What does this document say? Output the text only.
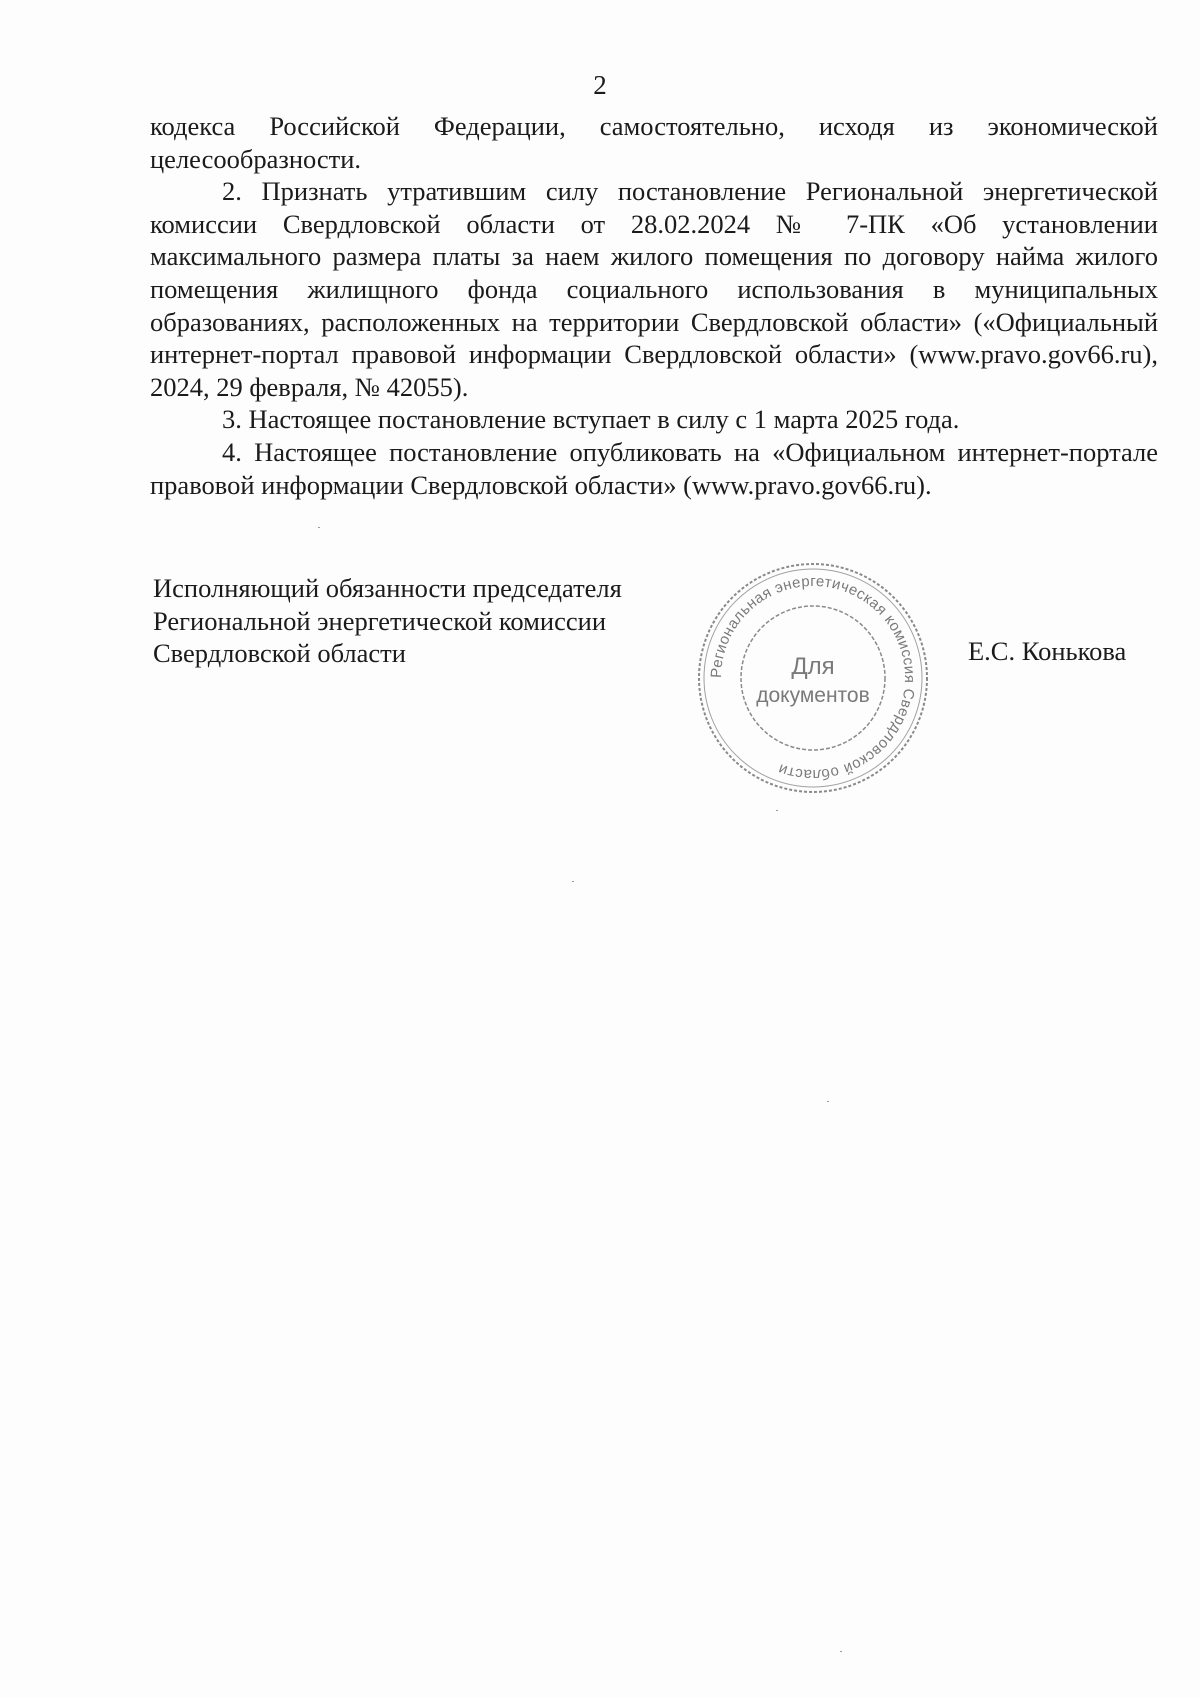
2

кодекса Российской Федерации, самостоятельно, исходя из экономической целесообразности.

2. Признать утратившим силу постановление Региональной энергетической комиссии Свердловской области от 28.02.2024 № 7-ПК «Об установлении максимального размера платы за наем жилого помещения по договору найма жилого помещения жилищного фонда социального использования в муниципальных образованиях, расположенных на территории Свердловской области» («Официальный интернет-портал правовой информации Свердловской области» (www.pravo.gov66.ru), 2024, 29 февраля, № 42055).

3. Настоящее постановление вступает в силу с 1 марта 2025 года.

4. Настоящее постановление опубликовать на «Официальном интернет-портале правовой информации Свердловской области» (www.pravo.gov66.ru).

Исполняющий обязанности председателя
Региональной энергетической комиссии
Свердловской области	Е.С. Конькова
Региональная энергетическая комиссия Свердловской области
Для
документов
